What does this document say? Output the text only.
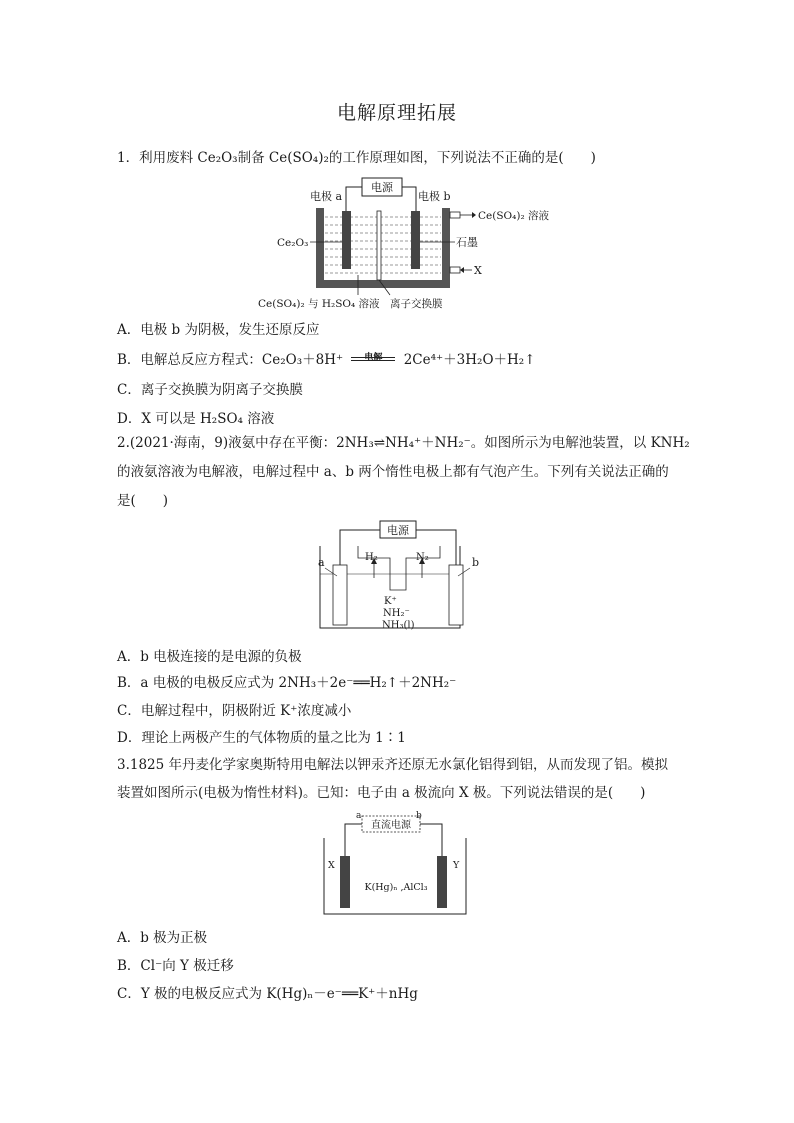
电解原理拓展
1．利用废料 Ce₂O₃制备 Ce(SO₄)₂的工作原理如图，下列说法不正确的是(　　)
电源
电极 a	电极 b
Ce(SO₄)₂ 溶液
X
Ce₂O₃	石墨
Ce(SO₄)₂ 与 H₂SO₄ 溶液 离子交换膜
A．电极 b 为阴极，发生还原反应
B．电解总反应方程式：Ce₂O₃＋8H⁺	电解	2Ce⁴⁺＋3H₂O＋H₂↑
C．离子交换膜为阴离子交换膜
D．X 可以是 H₂SO₄ 溶液
2.(2021·海南，9)液氨中存在平衡：2NH₃⇌NH₄⁺＋NH₂⁻。如图所示为电解池装置，以 KNH₂
的液氨溶液为电解液，电解过程中 a、b 两个惰性电极上都有气泡产生。下列有关说法正确的
是(　　)
电源
a	b
H₂	N₂
K⁺
NH₂⁻
NH₃(l)
A．b 电极连接的是电源的负极
B．a 电极的电极反应式为 2NH₃＋2e⁻══H₂↑＋2NH₂⁻
C．电解过程中，阴极附近 K⁺浓度减小
D．理论上两极产生的气体物质的量之比为 1∶1
3.1825 年丹麦化学家奥斯特用电解法以钾汞齐还原无水氯化铝得到铝，从而发现了铝。模拟
装置如图所示(电极为惰性材料)。已知：电子由 a 极流向 X 极。下列说法错误的是(　　)
直流电源
a	b
X	Y
K(Hg)ₙ ,AlCl₃
A．b 极为正极
B．Cl⁻向 Y 极迁移
C．Y 极的电极反应式为 K(Hg)ₙ－e⁻══K⁺＋nHg
